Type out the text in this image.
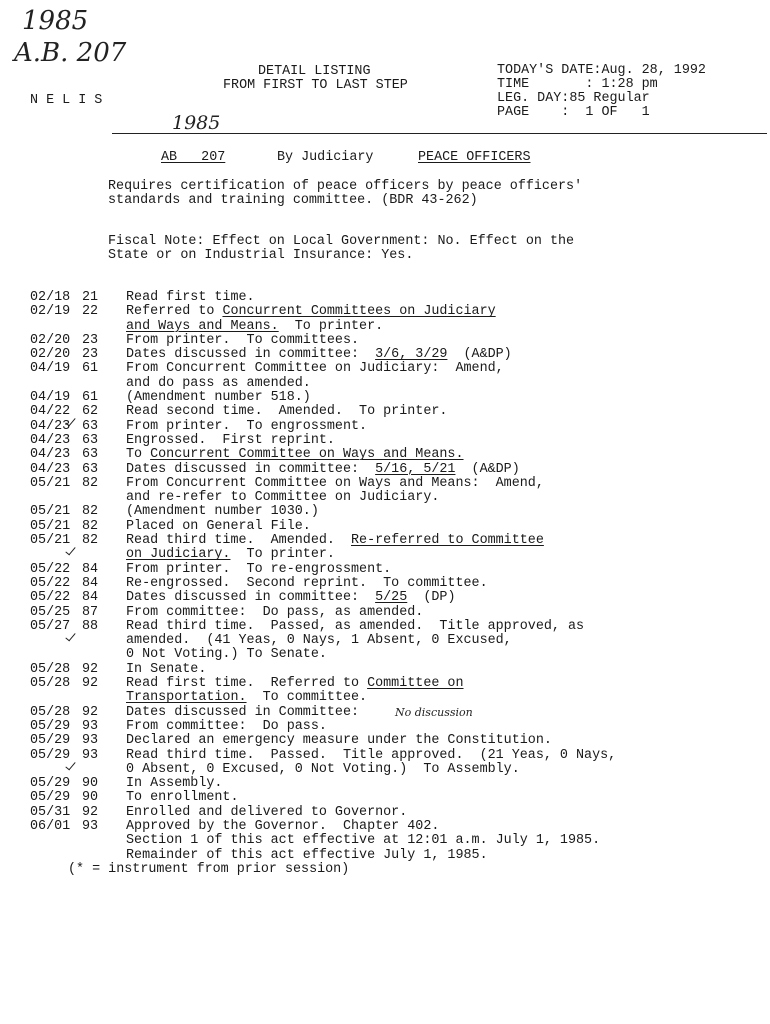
1985
A.B. 207
1985
N E L I S
DETAIL LISTING
FROM FIRST TO LAST STEP
TODAY'S DATE:Aug. 28, 1992
TIME       : 1:28 pm
LEG. DAY:85 Regular
PAGE    :  1 OF   1
AB   207	By Judiciary	PEACE OFFICERS
Requires certification of peace officers by peace officers'
standards and training committee. (BDR 43-262)
Fiscal Note: Effect on Local Government: No. Effect on the
State or on Industrial Insurance: Yes.
02/18 21	Read first time.
02/19 22	Referred to Concurrent Committees on Judiciary
and Ways and Means.  To printer.
02/20 23	From printer.  To committees.
02/20 23	Dates discussed in committee:  3/6, 3/29  (A&DP)
04/19 61	From Concurrent Committee on Judiciary:  Amend,
and do pass as amended.
04/19 61	(Amendment number 518.)
04/22 62	Read second time.  Amended.  To printer.
04/23 63	From printer.  To engrossment.
04/23 63	Engrossed.  First reprint.
04/23 63	To Concurrent Committee on Ways and Means.
04/23 63	Dates discussed in committee:  5/16, 5/21  (A&DP)
05/21 82	From Concurrent Committee on Ways and Means:  Amend,
and re-refer to Committee on Judiciary.
05/21 82	(Amendment number 1030.)
05/21 82	Placed on General File.
05/21 82	Read third time.  Amended.  Re-referred to Committee
on Judiciary.  To printer.
05/22 84	From printer.  To re-engrossment.
05/22 84	Re-engrossed.  Second reprint.  To committee.
05/22 84	Dates discussed in committee:  5/25  (DP)
05/25 87	From committee:  Do pass, as amended.
05/27 88	Read third time.  Passed, as amended.  Title approved, as
amended.  (41 Yeas, 0 Nays, 1 Absent, 0 Excused,
0 Not Voting.) To Senate.
05/28 92	In Senate.
05/28 92	Read first time.  Referred to Committee on
Transportation.  To committee.
05/28 92	Dates discussed in Committee:
05/29 93	From committee:  Do pass.
05/29 93	Declared an emergency measure under the Constitution.
05/29 93	Read third time.  Passed.  Title approved.  (21 Yeas, 0 Nays,
0 Absent, 0 Excused, 0 Not Voting.)  To Assembly.
05/29 90	In Assembly.
05/29 90	To enrollment.
05/31 92	Enrolled and delivered to Governor.
06/01 93	Approved by the Governor.  Chapter 402.
Section 1 of this act effective at 12:01 a.m. July 1, 1985.
Remainder of this act effective July 1, 1985.
No discussion
(* = instrument from prior session)
